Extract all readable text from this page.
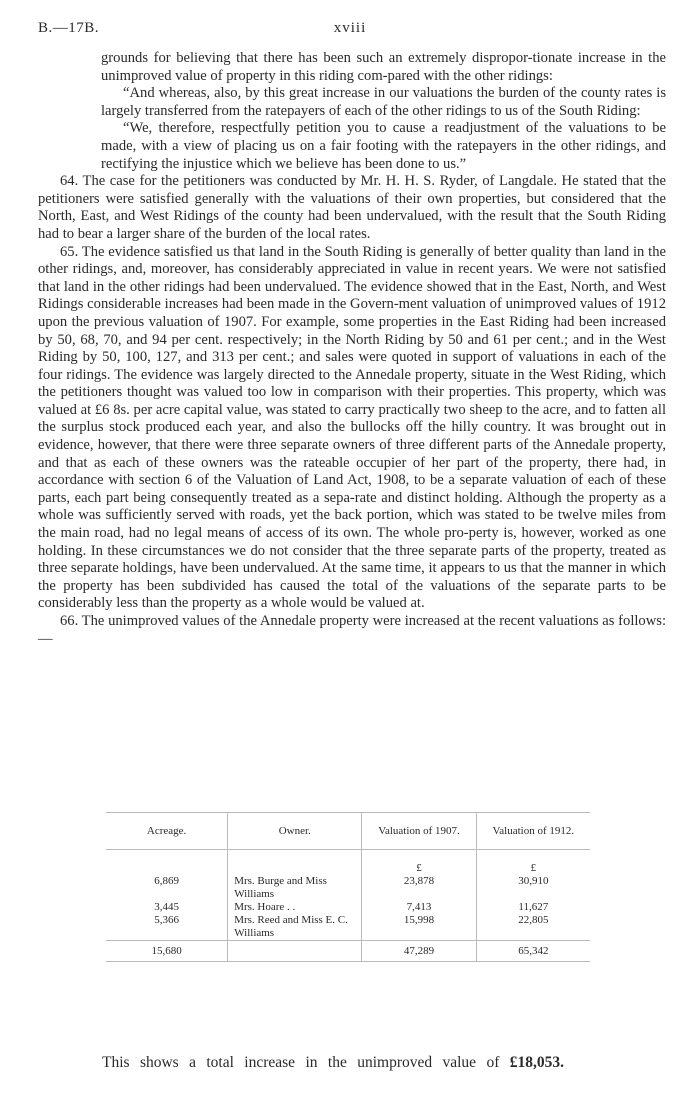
B.—17B.	xviii

grounds for believing that there has been such an extremely dispropor-tionate increase in the unimproved value of property in this riding com-pared with the other ridings:

“And whereas, also, by this great increase in our valuations the burden of the county rates is largely transferred from the ratepayers of each of the other ridings to us of the South Riding:

“We, therefore, respectfully petition you to cause a readjustment of the valuations to be made, with a view of placing us on a fair footing with the ratepayers in the other ridings, and rectifying the injustice which we believe has been done to us.”

64. The case for the petitioners was conducted by Mr. H. H. S. Ryder, of Langdale. He stated that the petitioners were satisfied generally with the valuations of their own properties, but considered that the North, East, and West Ridings of the county had been undervalued, with the result that the South Riding had to bear a larger share of the burden of the local rates.

65. The evidence satisfied us that land in the South Riding is generally of better quality than land in the other ridings, and, moreover, has considerably appreciated in value in recent years. We were not satisfied that land in the other ridings had been undervalued. The evidence showed that in the East, North, and West Ridings considerable increases had been made in the Govern-ment valuation of unimproved values of 1912 upon the previous valuation of 1907. For example, some properties in the East Riding had been increased by 50, 68, 70, and 94 per cent. respectively; in the North Riding by 50 and 61 per cent.; and in the West Riding by 50, 100, 127, and 313 per cent.; and sales were quoted in support of valuations in each of the four ridings. The evidence was largely directed to the Annedale property, situate in the West Riding, which the petitioners thought was valued too low in comparison with their properties. This property, which was valued at £6 8s. per acre capital value, was stated to carry practically two sheep to the acre, and to fatten all the surplus stock produced each year, and also the bullocks off the hilly country. It was brought out in evidence, however, that there were three separate owners of three different parts of the Annedale property, and that as each of these owners was the rateable occupier of her part of the property, there had, in accordance with section 6 of the Valuation of Land Act, 1908, to be a separate valuation of each of these parts, each part being consequently treated as a sepa-rate and distinct holding. Although the property as a whole was sufficiently served with roads, yet the back portion, which was stated to be twelve miles from the main road, had no legal means of access of its own. The whole pro-perty is, however, worked as one holding. In these circumstances we do not consider that the three separate parts of the property, treated as three separate holdings, have been undervalued. At the same time, it appears to us that the manner in which the property has been subdivided has caused the total of the valuations of the separate parts to be considerably less than the property as a whole would be valued at.

66. The unimproved values of the Annedale property were increased at the recent valuations as follows:—

Acreage.	Owner.	Valuation of 1907.	Valuation of 1912.
		£	£
6,869	Mrs. Burge and Miss Williams	23,878	30,910
3,445	Mrs. Hoare . .	7,413	11,627
5,366	Mrs. Reed and Miss E. C. Williams	15,998	22,805
15,680		47,289	65,342
This shows a total increase in the unimproved value of £18,053.
